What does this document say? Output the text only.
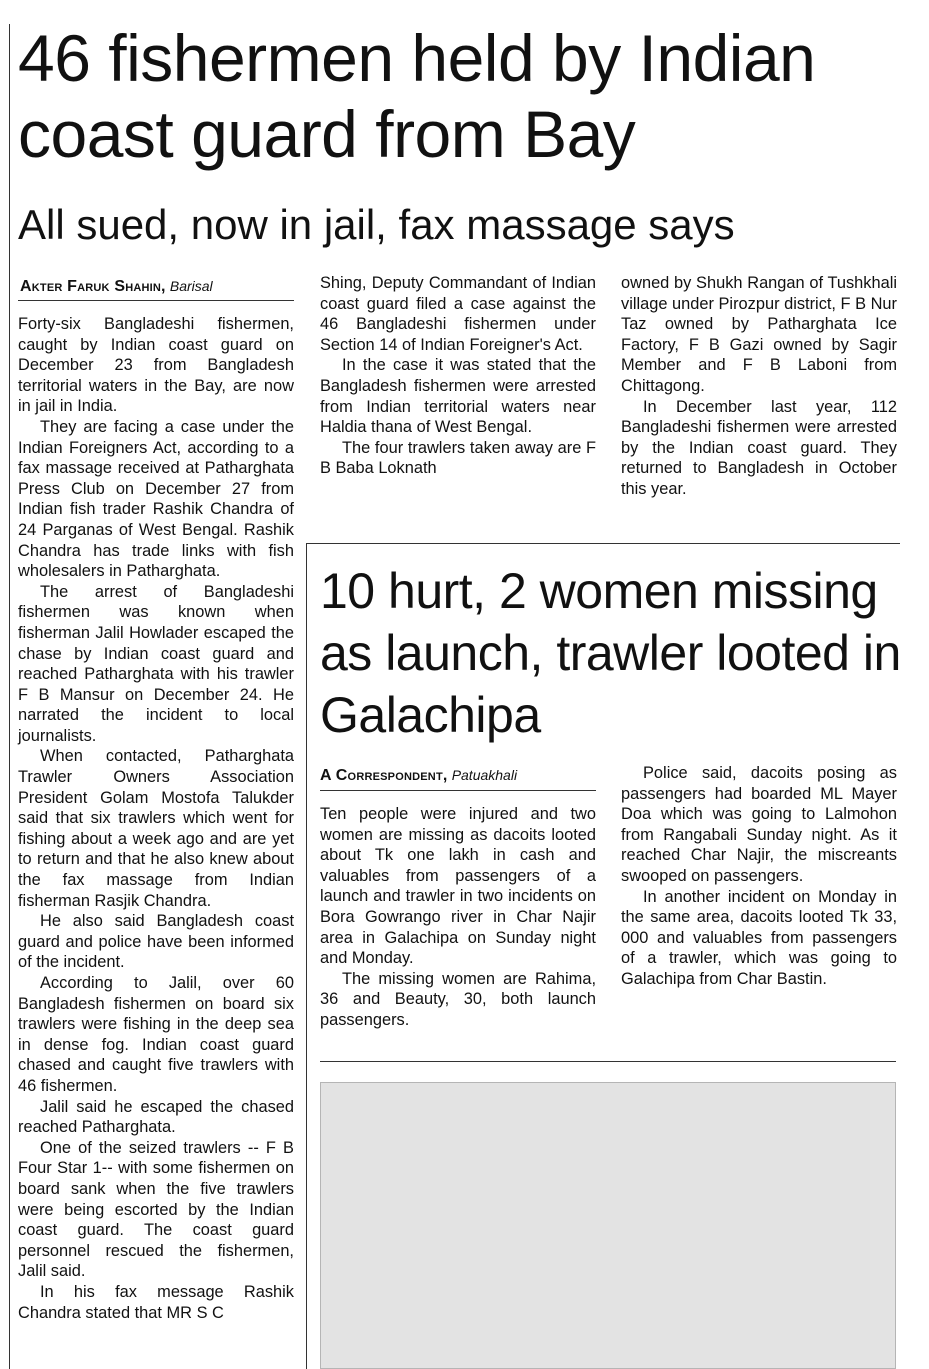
46 fishermen held by Indian coast guard from Bay
All sued, now in jail, fax massage says
Akter Faruk Shahin, Barisal

Forty-six Bangladeshi fishermen, caught by Indian coast guard on December 23 from Bangladesh territorial waters in the Bay, are now in jail in India.

They are facing a case under the Indian Foreigners Act, according to a fax massage received at Patharghata Press Club on December 27 from Indian fish trader Rashik Chandra of 24 Parganas of West Bengal. Rashik Chandra has trade links with fish wholesalers in Patharghata.

The arrest of Bangladeshi fishermen was known when fisherman Jalil Howlader escaped the chase by Indian coast guard and reached Patharghata with his trawler F B Mansur on December 24. He narrated the incident to local journalists.

When contacted, Patharghata Trawler Owners Association President Golam Mostofa Talukder said that six trawlers which went for fishing about a week ago and are yet to return and that he also knew about the fax massage from Indian fisherman Rasjik Chandra.

He also said Bangladesh coast guard and police have been informed of the incident.

According to Jalil, over 60 Bangladesh fishermen on board six trawlers were fishing in the deep sea in dense fog. Indian coast guard chased and caught five trawlers with 46 fishermen.

Jalil said he escaped the chased reached Patharghata.

One of the seized trawlers -- F B Four Star 1-- with some fishermen on board sank when the five trawlers were being escorted by the Indian coast guard. The coast guard personnel rescued the fishermen, Jalil said.

In his fax message Rashik Chandra stated that MR S C

Shing, Deputy Commandant of Indian coast guard filed a case against the 46 Bangladeshi fishermen under Section 14 of Indian Foreigner's Act.

In the case it was stated that the Bangladesh fishermen were arrested from Indian territorial waters near Haldia thana of West Bengal.

The four trawlers taken away are F B Baba Loknath

owned by Shukh Rangan of Tushkhali village under Pirozpur district, F B Nur Taz owned by Patharghata Ice Factory, F B Gazi owned by Sagir Member and F B Laboni from Chittagong.

In December last year, 112 Bangladeshi fishermen were arrested by the Indian coast guard. They returned to Bangladesh in October this year.

10 hurt, 2 women missing as launch, trawler looted in Galachipa
A Correspondent, Patuakhali

Ten people were injured and two women are missing as dacoits looted about Tk one lakh in cash and valuables from passengers of a launch and trawler in two incidents on Bora Gowrango river in Char Najir area in Galachipa on Sunday night and Monday.

The missing women are Rahima, 36 and Beauty, 30, both launch passengers.

Police said, dacoits posing as passengers had boarded ML Mayer Doa which was going to Lalmohon from Rangabali Sunday night. As it reached Char Najir, the miscreants swooped on passengers.

In another incident on Monday in the same area, dacoits looted Tk 33, 000 and valuables from passengers of a trawler, which was going to Galachipa from Char Bastin.
